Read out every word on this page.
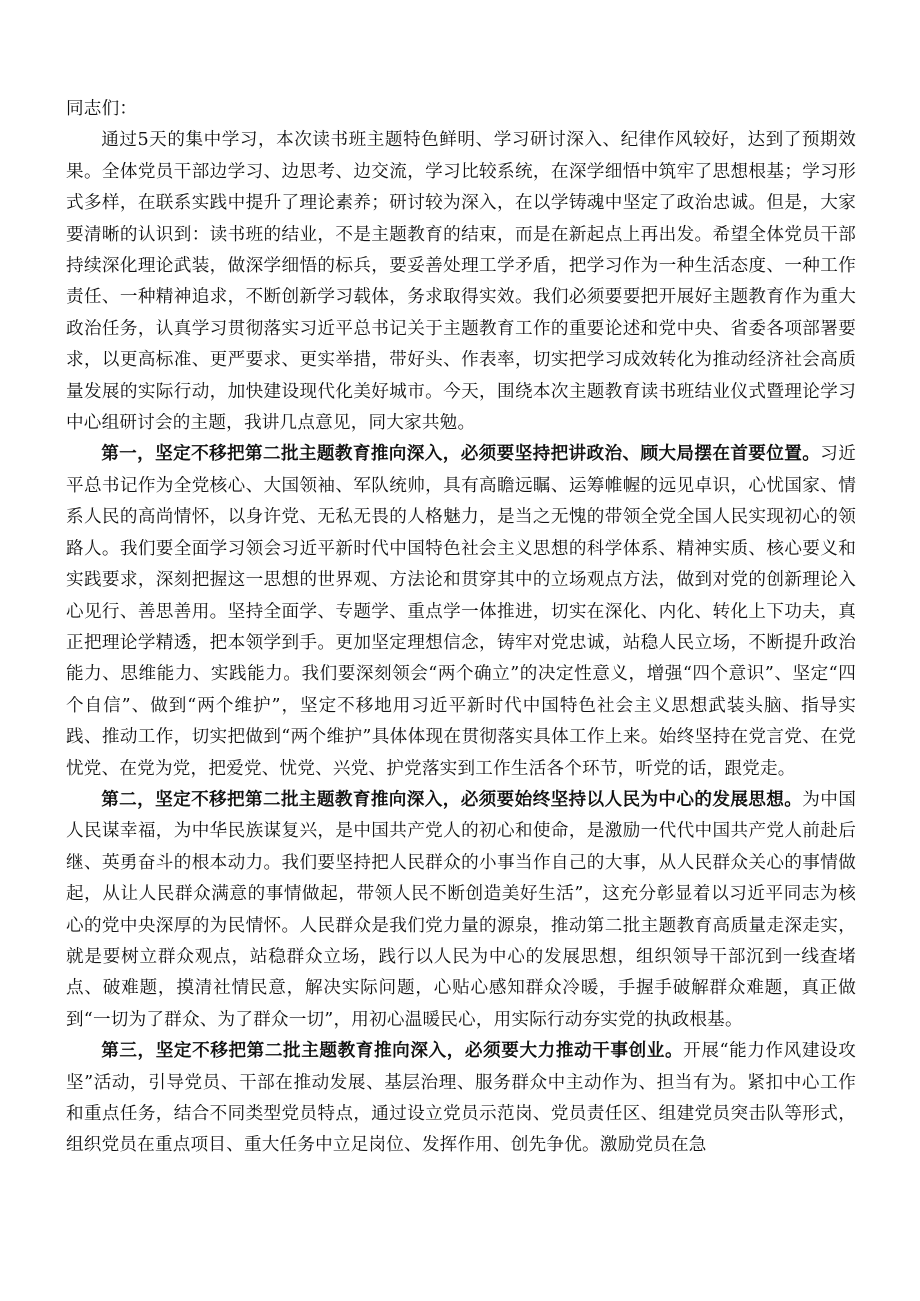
同志们：

通过5天的集中学习，本次读书班主题特色鲜明、学习研讨深入、纪律作风较好，达到了预期效果。全体党员干部边学习、边思考、边交流，学习比较系统，在深学细悟中筑牢了思想根基；学习形式多样，在联系实践中提升了理论素养；研讨较为深入，在以学铸魂中坚定了政治忠诚。但是，大家要清晰的认识到：读书班的结业，不是主题教育的结束，而是在新起点上再出发。希望全体党员干部持续深化理论武装，做深学细悟的标兵，要妥善处理工学矛盾，把学习作为一种生活态度、一种工作责任、一种精神追求，不断创新学习载体，务求取得实效。我们必须要要把开展好主题教育作为重大政治任务，认真学习贯彻落实习近平总书记关于主题教育工作的重要论述和党中央、省委各项部署要求，以更高标准、更严要求、更实举措，带好头、作表率，切实把学习成效转化为推动经济社会高质量发展的实际行动，加快建设现代化美好城市。今天，围绕本次主题教育读书班结业仪式暨理论学习中心组研讨会的主题，我讲几点意见，同大家共勉。

第一，坚定不移把第二批主题教育推向深入，必须要坚持把讲政治、顾大局摆在首要位置。习近平总书记作为全党核心、大国领袖、军队统帅，具有高瞻远瞩、运筹帷幄的远见卓识，心忧国家、情系人民的高尚情怀，以身许党、无私无畏的人格魅力，是当之无愧的带领全党全国人民实现初心的领路人。我们要全面学习领会习近平新时代中国特色社会主义思想的科学体系、精神实质、核心要义和实践要求，深刻把握这一思想的世界观、方法论和贯穿其中的立场观点方法，做到对党的创新理论入心见行、善思善用。坚持全面学、专题学、重点学一体推进，切实在深化、内化、转化上下功夫，真正把理论学精透，把本领学到手。更加坚定理想信念，铸牢对党忠诚，站稳人民立场，不断提升政治能力、思维能力、实践能力。我们要深刻领会“两个确立”的决定性意义，增强“四个意识”、坚定“四个自信”、做到“两个维护”，坚定不移地用习近平新时代中国特色社会主义思想武装头脑、指导实践、推动工作，切实把做到“两个维护”具体体现在贯彻落实具体工作上来。始终坚持在党言党、在党忧党、在党为党，把爱党、忧党、兴党、护党落实到工作生活各个环节，听党的话，跟党走。

第二，坚定不移把第二批主题教育推向深入，必须要始终坚持以人民为中心的发展思想。为中国人民谋幸福，为中华民族谋复兴，是中国共产党人的初心和使命，是激励一代代中国共产党人前赴后继、英勇奋斗的根本动力。我们要坚持把人民群众的小事当作自己的大事，从人民群众关心的事情做起，从让人民群众满意的事情做起，带领人民不断创造美好生活”，这充分彰显着以习近平同志为核心的党中央深厚的为民情怀。人民群众是我们党力量的源泉，推动第二批主题教育高质量走深走实，就是要树立群众观点，站稳群众立场，践行以人民为中心的发展思想，组织领导干部沉到一线查堵点、破难题，摸清社情民意，解决实际问题，心贴心感知群众冷暖，手握手破解群众难题，真正做到“一切为了群众、为了群众一切”，用初心温暖民心，用实际行动夯实党的执政根基。

第三，坚定不移把第二批主题教育推向深入，必须要大力推动干事创业。开展“能力作风建设攻坚”活动，引导党员、干部在推动发展、基层治理、服务群众中主动作为、担当有为。紧扣中心工作和重点任务，结合不同类型党员特点，通过设立党员示范岗、党员责任区、组建党员突击队等形式，组织党员在重点项目、重大任务中立足岗位、发挥作用、创先争优。激励党员在急
